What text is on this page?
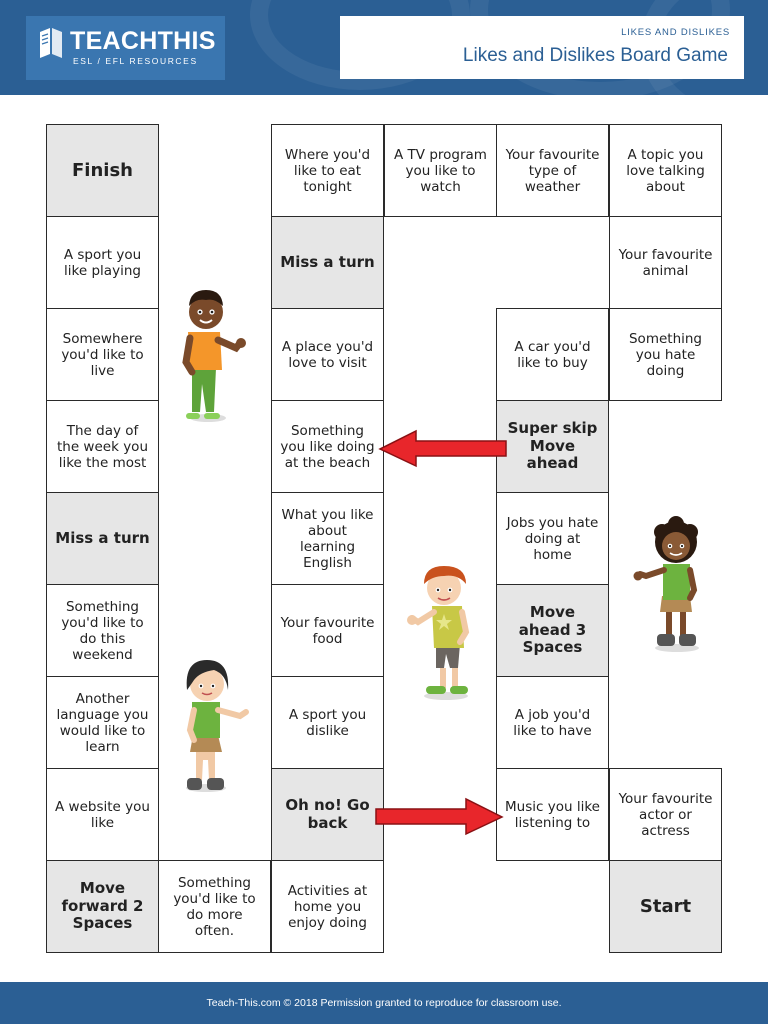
TEACHTHIS
ESL / EFL RESOURCES
LIKES AND DISLIKES
Likes and Dislikes Board Game
Finish
A sport you like playing
Somewhere you'd like to live
The day of the week you like the most
Miss a turn
Something you'd like to do this weekend
Another language you would like to learn
A website you like
Move forward 2 Spaces
Something you'd like to do more often.
Where you'd like to eat tonight
Miss a turn
A place you'd love to visit
Something you like doing at the beach
What you like about learning English
Your favourite food
A sport you dislike
Oh no! Go back
Activities at home you enjoy doing
A TV program you like to watch
Your favourite type of weather
A car you'd like to buy
Super skip Move ahead
Jobs you hate doing at home
Move ahead 3 Spaces
A job you'd like to have
Music you like listening to
A topic you love talking about
Your favourite animal
Something you hate doing
Your favourite actor or actress
Start
Teach-This.com © 2018 Permission granted to reproduce for classroom use.
